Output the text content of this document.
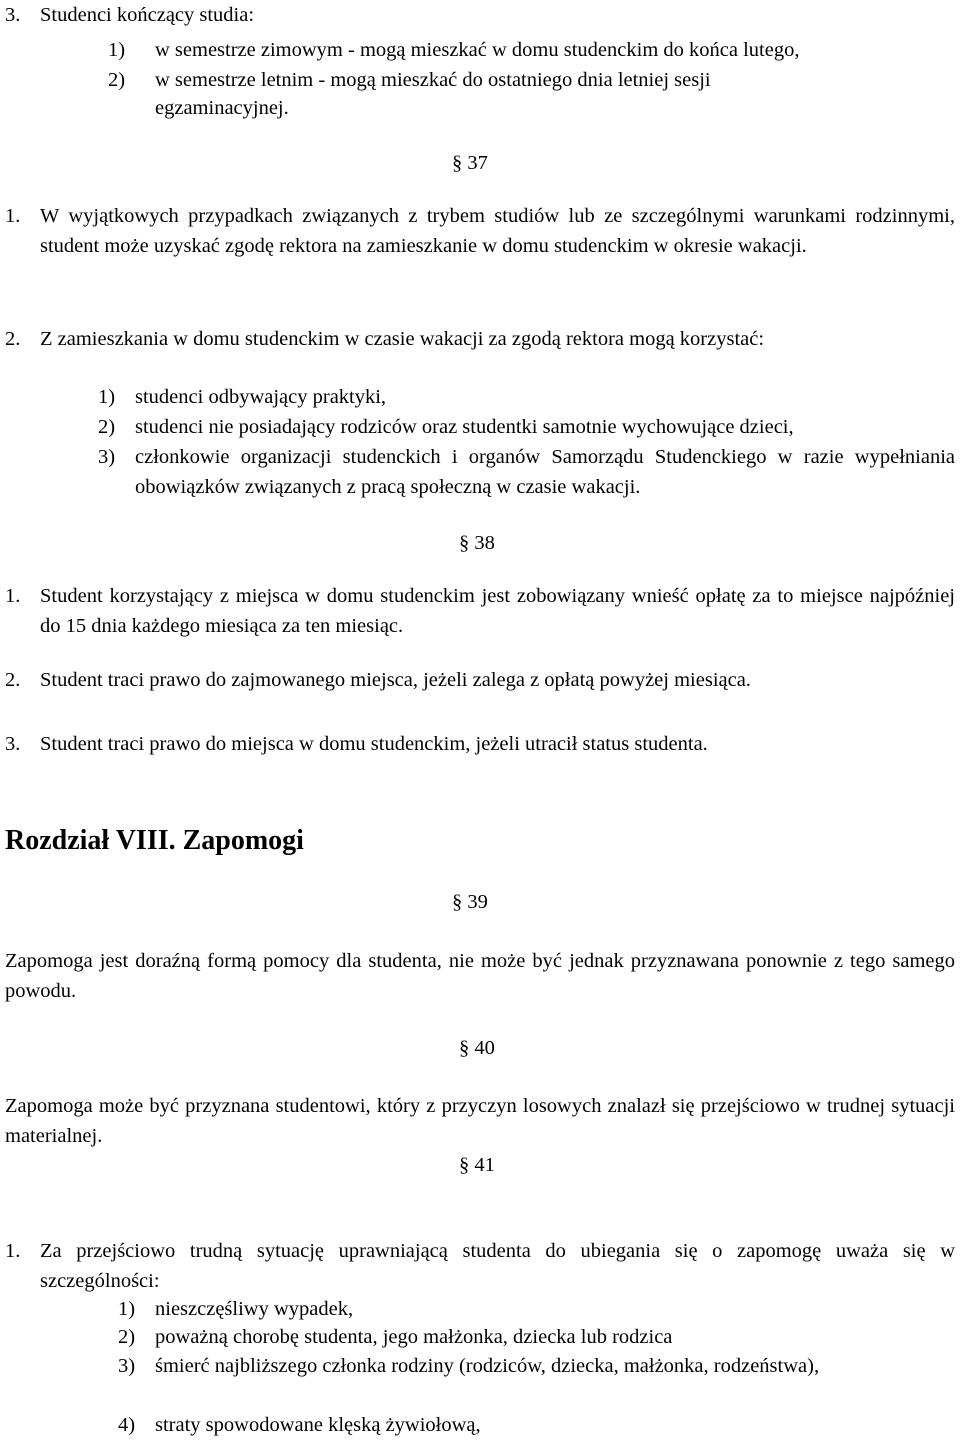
3. Studenci kończący studia:
1) w semestrze zimowym - mogą mieszkać w domu studenckim do końca lutego,
2) w semestrze letnim - mogą mieszkać do ostatniego dnia letniej sesji
egzaminacyjnej.
§ 37
1. W wyjątkowych przypadkach związanych z trybem studiów lub ze szczególnymi warunkami rodzinnymi, student może uzyskać zgodę rektora na zamieszkanie w domu studenckim w okresie wakacji.
2. Z zamieszkania w domu studenckim w czasie wakacji za zgodą rektora mogą korzystać:
1) studenci odbywający praktyki,
2) studenci nie posiadający rodziców oraz studentki samotnie wychowujące dzieci,
3) członkowie organizacji studenckich i organów Samorządu Studenckiego w razie wypełniania obowiązków związanych z pracą społeczną w czasie wakacji.
§ 38
1. Student korzystający z miejsca w domu studenckim jest zobowiązany wnieść opłatę za to miejsce najpóźniej do 15 dnia każdego miesiąca za ten miesiąc.
2. Student traci prawo do zajmowanego miejsca, jeżeli zalega z opłatą powyżej miesiąca.
3. Student traci prawo do miejsca w domu studenckim, jeżeli utracił status studenta.
Rozdział VIII. Zapomogi
§ 39
Zapomoga jest doraźną formą pomocy dla studenta, nie może być jednak przyznawana ponownie z tego samego powodu.
§ 40
Zapomoga może być przyznana studentowi, który z przyczyn losowych znalazł się przejściowo w trudnej sytuacji materialnej.
§ 41
1. Za przejściowo trudną sytuację uprawniającą studenta do ubiegania się o zapomogę uważa się w szczególności:
1) nieszczęśliwy wypadek,
2) poważną chorobę studenta, jego małżonka, dziecka lub rodzica
3) śmierć najbliższego członka rodziny (rodziców, dziecka, małżonka, rodzeństwa),
4) straty spowodowane klęską żywiołową,
